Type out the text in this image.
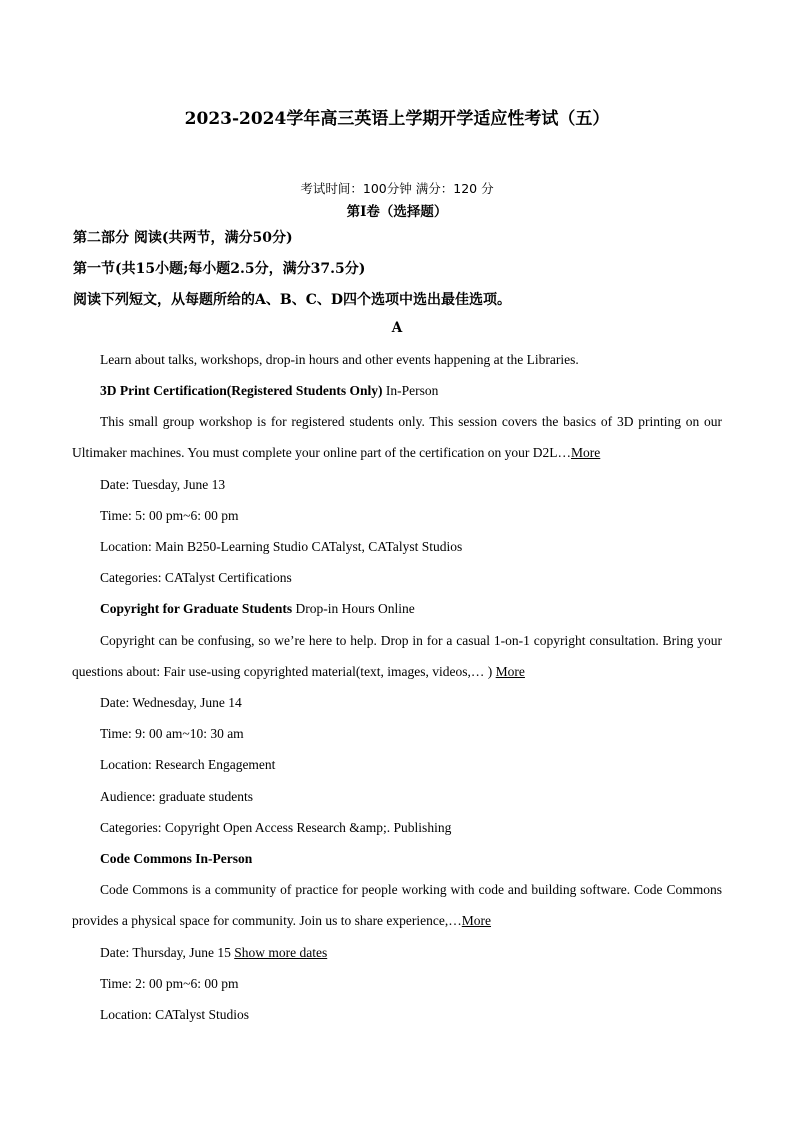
2023-2024学年高三英语上学期开学适应性考试（五）
考试时间：100分钟 满分：120 分
第Ⅰ卷（选择题）
第二部分 阅读(共两节，满分50分)
第一节(共15小题;每小题2.5分，满分37.5分)
阅读下列短文，从每题所给的A、B、C、D四个选项中选出最佳选项。
A
Learn about talks, workshops, drop-in hours and other events happening at the Libraries.
3D Print Certification(Registered Students Only) In-Person

This small group workshop is for registered students only. This session covers the basics of 3D printing on our Ultimaker machines. You must complete your online part of the certification on your D2L…More

Date: Tuesday, June 13
Time: 5: 00 pm~6: 00 pm
Location: Main B250-Learning Studio CATalyst, CATalyst Studios
Categories: CATalyst Certifications
Copyright for Graduate Students Drop-in Hours Online

Copyright can be confusing, so we’re here to help. Drop in for a casual 1-on-1 copyright consultation. Bring your questions about: Fair use-using copyrighted material(text, images, videos,… ) More

Date: Wednesday, June 14
Time: 9: 00 am~10: 30 am
Location: Research Engagement
Audience: graduate students
Categories: Copyright Open Access Research &amp;. Publishing
Code Commons In-Person

Code Commons is a community of practice for people working with code and building software. Code Commons provides a physical space for community. Join us to share experience,…More

Date: Thursday, June 15 Show more dates
Time: 2: 00 pm~6: 00 pm
Location: CATalyst Studios
